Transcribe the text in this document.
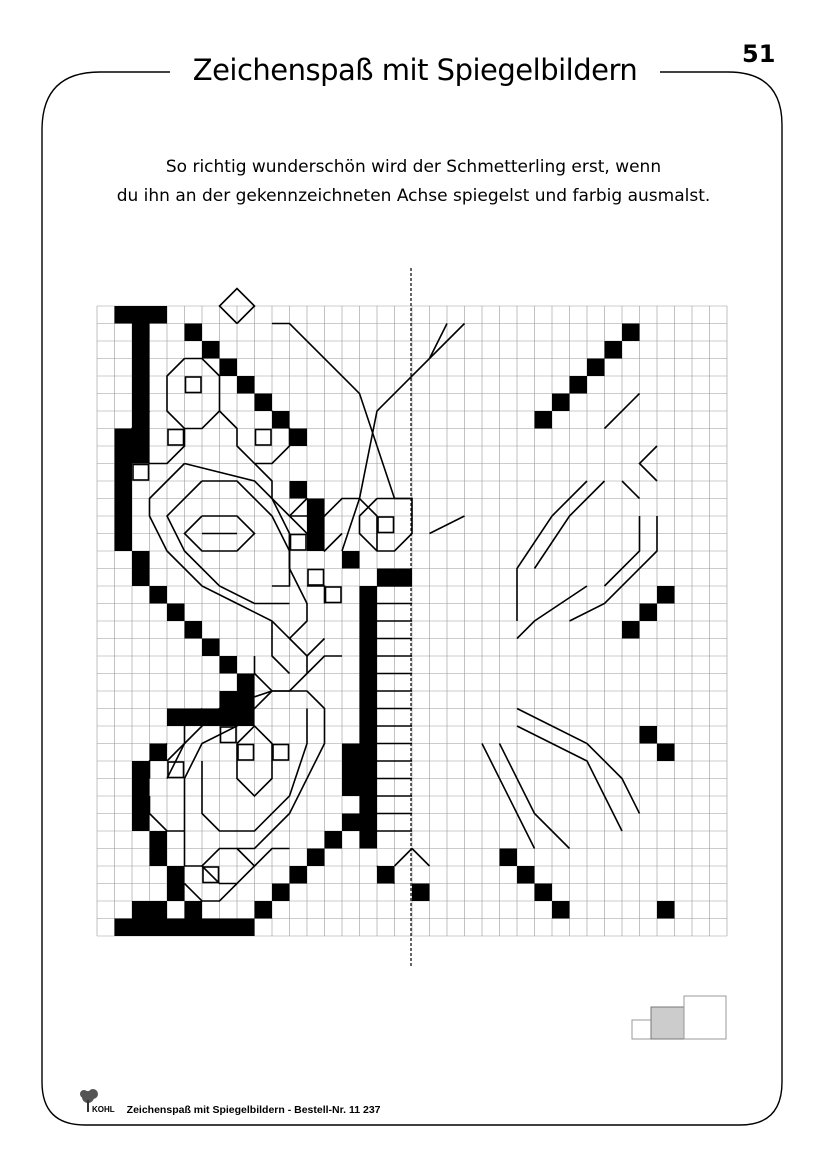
Zeichenspaß mit Spiegelbildern	51
So richtig wunderschön wird der Schmetterling erst, wenn
du ihn an der gekennzeichneten Achse spiegelst und farbig ausmalst.
KOHL Zeichenspaß mit Spiegelbildern - Bestell-Nr. 11 237
